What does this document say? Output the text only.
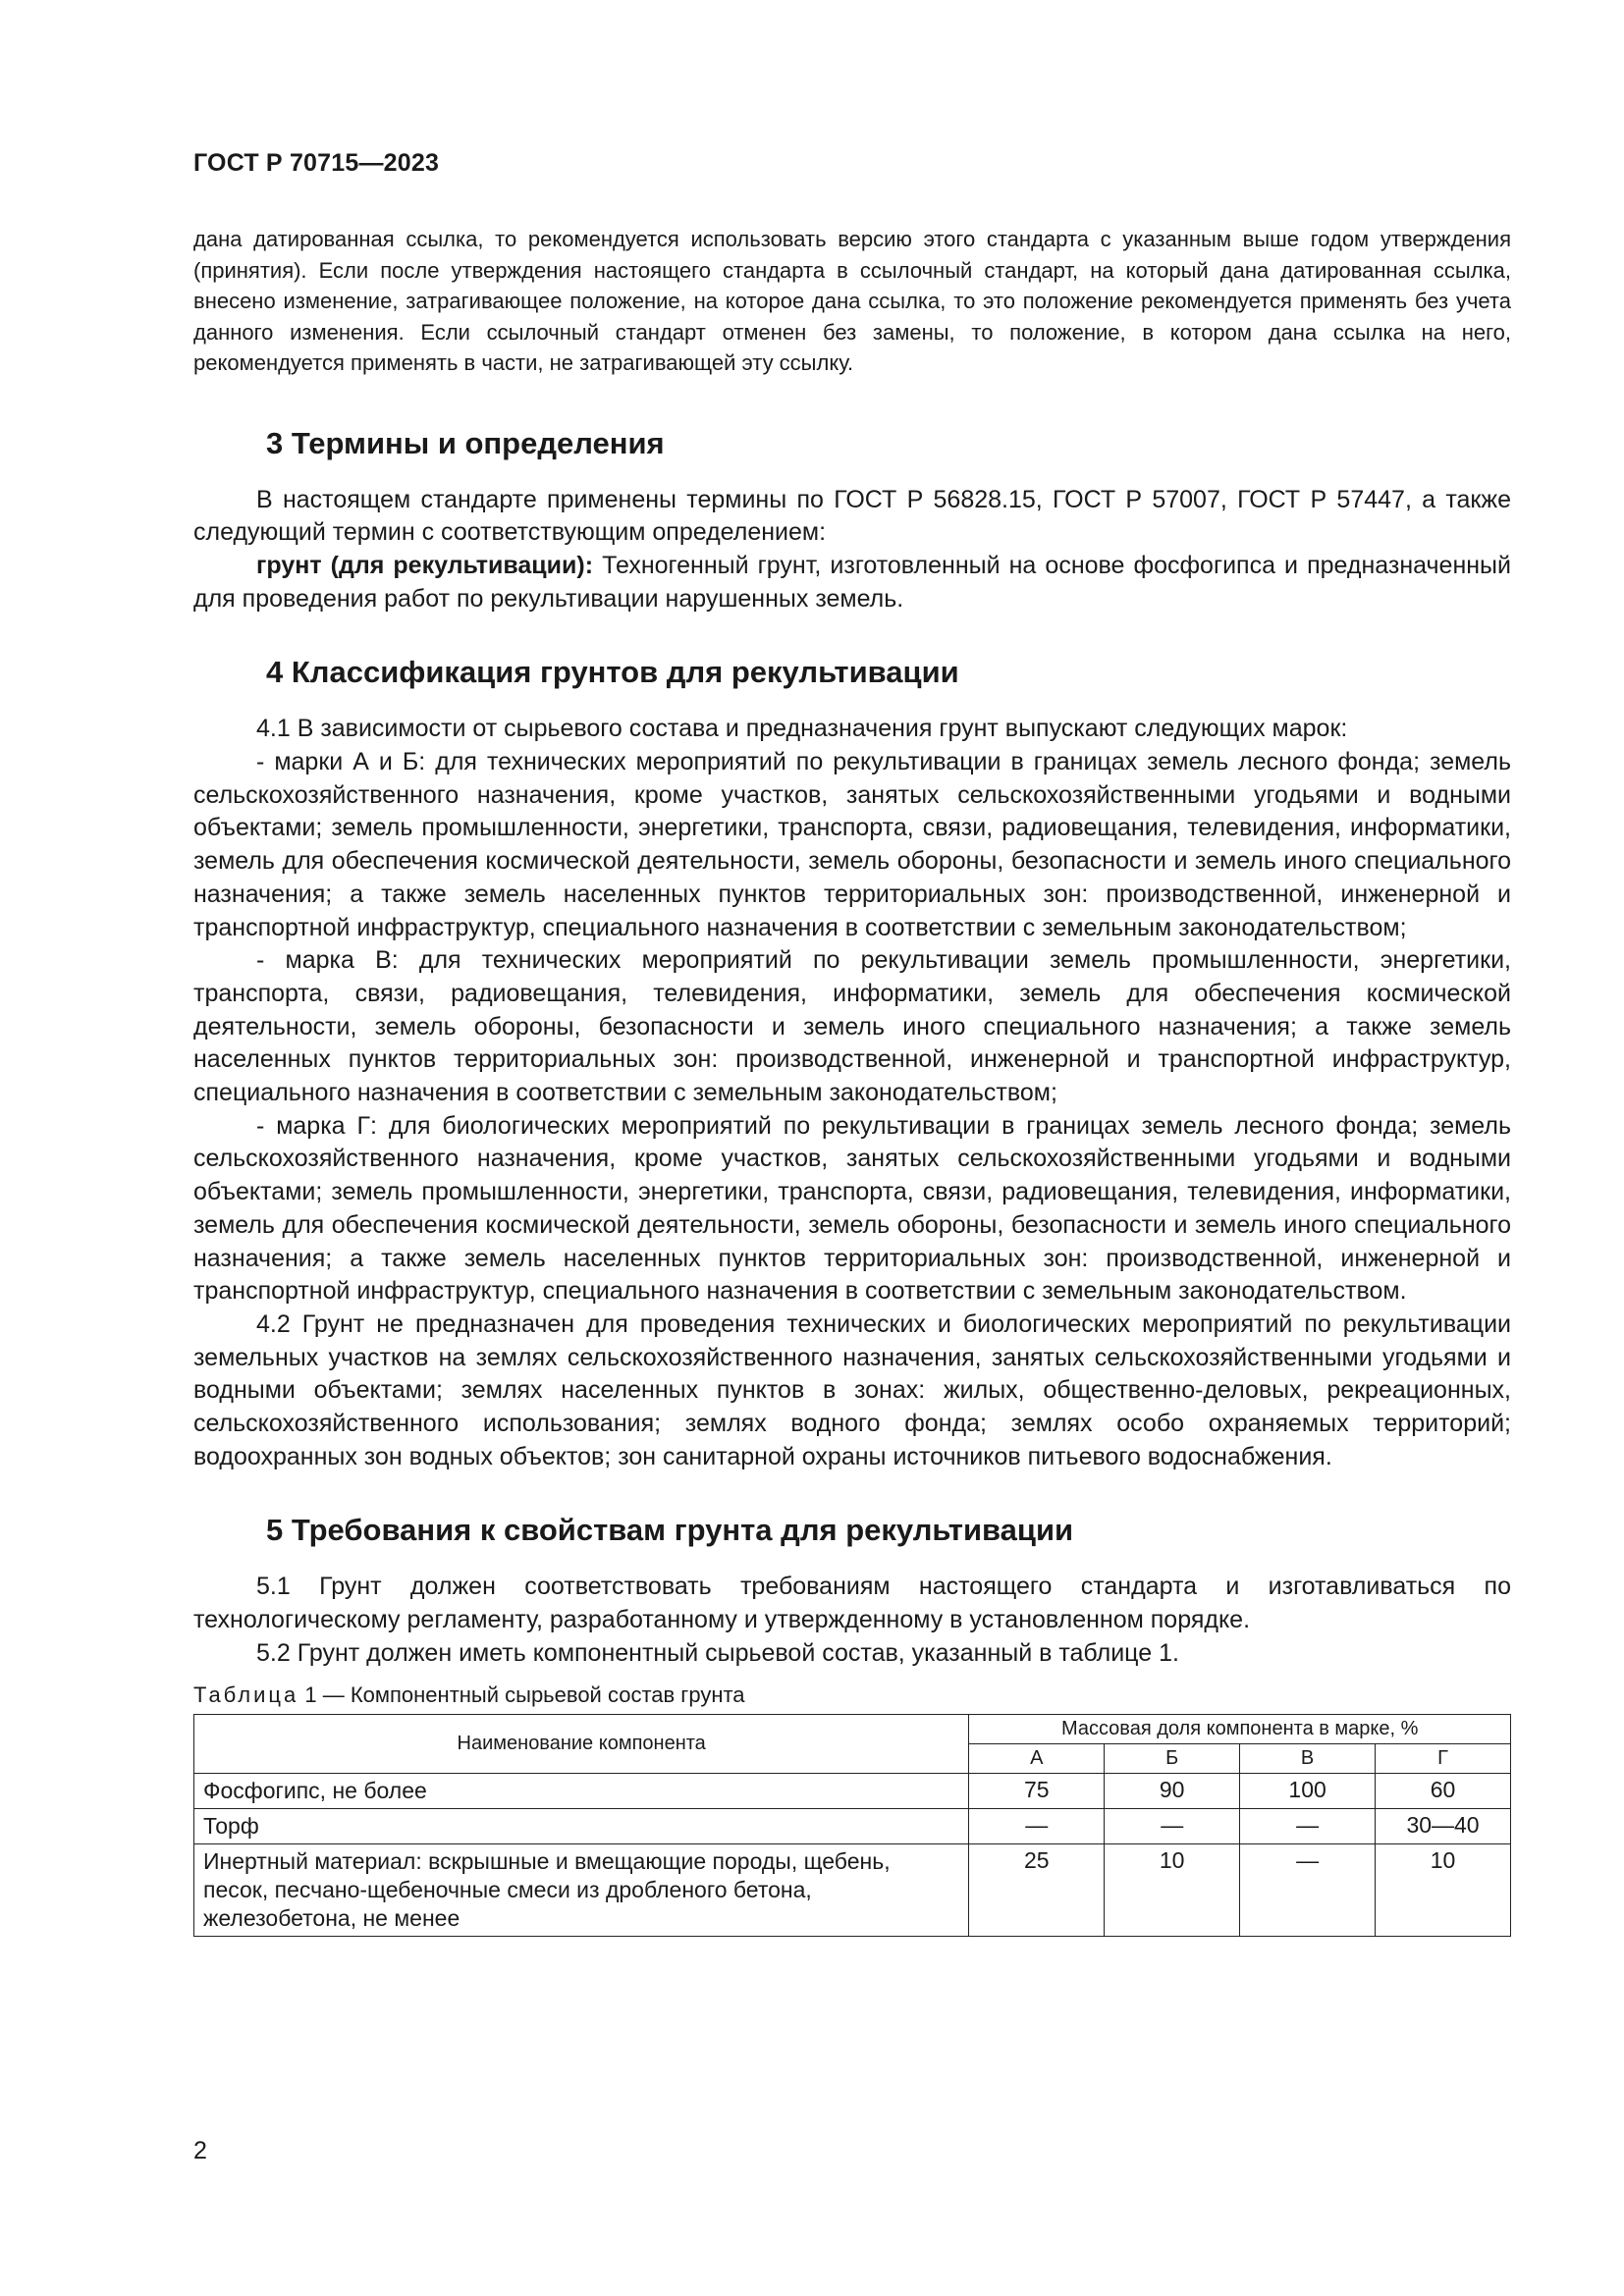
ГОСТ Р 70715—2023

дана датированная ссылка, то рекомендуется использовать версию этого стандарта с указанным выше годом утверждения (принятия). Если после утверждения настоящего стандарта в ссылочный стандарт, на который дана датированная ссылка, внесено изменение, затрагивающее положение, на которое дана ссылка, то это положение рекомендуется применять без учета данного изменения. Если ссылочный стандарт отменен без замены, то положение, в котором дана ссылка на него, рекомендуется применять в части, не затрагивающей эту ссылку.

3 Термины и определения

В настоящем стандарте применены термины по ГОСТ Р 56828.15, ГОСТ Р 57007, ГОСТ Р 57447, а также следующий термин с соответствующим определением:

грунт (для рекультивации): Техногенный грунт, изготовленный на основе фосфогипса и предназначенный для проведения работ по рекультивации нарушенных земель.

4 Классификация грунтов для рекультивации

4.1 В зависимости от сырьевого состава и предназначения грунт выпускают следующих марок:

- марки А и Б: для технических мероприятий по рекультивации в границах земель лесного фонда; земель сельскохозяйственного назначения, кроме участков, занятых сельскохозяйственными угодьями и водными объектами; земель промышленности, энергетики, транспорта, связи, радиовещания, телевидения, информатики, земель для обеспечения космической деятельности, земель обороны, безопасности и земель иного специального назначения; а также земель населенных пунктов территориальных зон: производственной, инженерной и транспортной инфраструктур, специального назначения в соответствии с земельным законодательством;

- марка В: для технических мероприятий по рекультивации земель промышленности, энергетики, транспорта, связи, радиовещания, телевидения, информатики, земель для обеспечения космической деятельности, земель обороны, безопасности и земель иного специального назначения; а также земель населенных пунктов территориальных зон: производственной, инженерной и транспортной инфраструктур, специального назначения в соответствии с земельным законодательством;

- марка Г: для биологических мероприятий по рекультивации в границах земель лесного фонда; земель сельскохозяйственного назначения, кроме участков, занятых сельскохозяйственными угодьями и водными объектами; земель промышленности, энергетики, транспорта, связи, радиовещания, телевидения, информатики, земель для обеспечения космической деятельности, земель обороны, безопасности и земель иного специального назначения; а также земель населенных пунктов территориальных зон: производственной, инженерной и транспортной инфраструктур, специального назначения в соответствии с земельным законодательством.

4.2 Грунт не предназначен для проведения технических и биологических мероприятий по рекультивации земельных участков на землях сельскохозяйственного назначения, занятых сельскохозяйственными угодьями и водными объектами; землях населенных пунктов в зонах: жилых, общественно-деловых, рекреационных, сельскохозяйственного использования; землях водного фонда; землях особо охраняемых территорий; водоохранных зон водных объектов; зон санитарной охраны источников питьевого водоснабжения.

5 Требования к свойствам грунта для рекультивации

5.1 Грунт должен соответствовать требованиям настоящего стандарта и изготавливаться по технологическому регламенту, разработанному и утвержденному в установленном порядке.

5.2 Грунт должен иметь компонентный сырьевой состав, указанный в таблице 1.

Таблица 1 — Компонентный сырьевой состав грунта

Наименование компонента	Массовая доля компонента в марке, %			
	А	Б	В	Г
Фосфогипс, не более	75	90	100	60
Торф	—	—	—	30—40
Инертный материал: вскрышные и вмещающие породы, щебень, песок, песчано-щебеночные смеси из дробленого бетона, железобетона, не менее	25	10	—	10
2
